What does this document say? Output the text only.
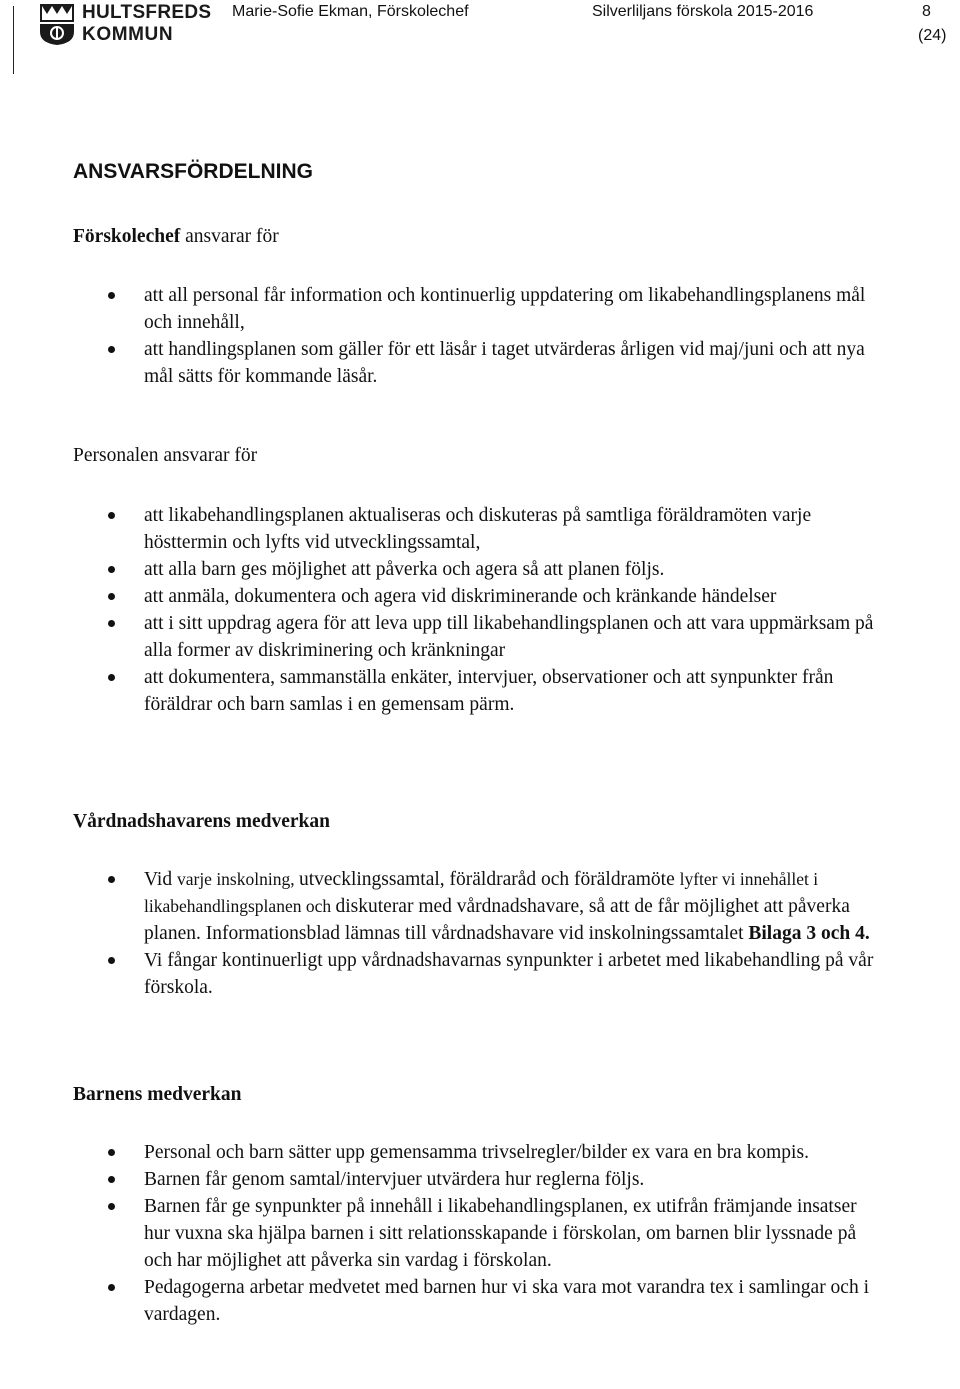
HULTSFREDS
KOMMUN
Marie-Sofie Ekman, Förskolechef	Silverliljans förskola 2015-2016	8
(24)
ANSVARSFÖRDELNING
Förskolechef ansvarar för
att all personal får information och kontinuerlig uppdatering om likabehandlingsplanens mål och innehåll,
att handlingsplanen som gäller för ett läsår i taget utvärderas årligen vid maj/juni och att nya mål sätts för kommande läsår.
Personalen ansvarar för
att likabehandlingsplanen aktualiseras och diskuteras på samtliga föräldramöten varje hösttermin och lyfts vid utvecklingssamtal,
att alla barn ges möjlighet att påverka och agera så att planen följs.
att anmäla, dokumentera och agera vid diskriminerande och kränkande händelser
att i sitt uppdrag agera för att leva upp till likabehandlingsplanen och att vara uppmärksam på alla former av diskriminering och kränkningar
att dokumentera, sammanställa enkäter, intervjuer, observationer och att synpunkter från föräldrar och barn samlas i en gemensam pärm.
Vårdnadshavarens medverkan
Vid varje inskolning, utvecklingssamtal, föräldraråd och föräldramöte lyfter vi innehållet i likabehandlingsplanen och diskuterar med vårdnadshavare, så att de får möjlighet att påverka planen. Informationsblad lämnas till vårdnadshavare vid inskolningssamtalet Bilaga 3 och 4.
Vi fångar kontinuerligt upp vårdnadshavarnas synpunkter i arbetet med likabehandling på vår förskola.
Barnens medverkan
Personal och barn sätter upp gemensamma trivselregler/bilder ex vara en bra kompis.
Barnen får genom samtal/intervjuer utvärdera hur reglerna följs.
Barnen får ge synpunkter på innehåll i likabehandlingsplanen, ex utifrån främjande insatser hur vuxna ska hjälpa barnen i sitt relationsskapande i förskolan, om barnen blir lyssnade på och har möjlighet att påverka sin vardag i förskolan.
Pedagogerna arbetar medvetet med barnen hur vi ska vara mot varandra tex i samlingar och i vardagen.
